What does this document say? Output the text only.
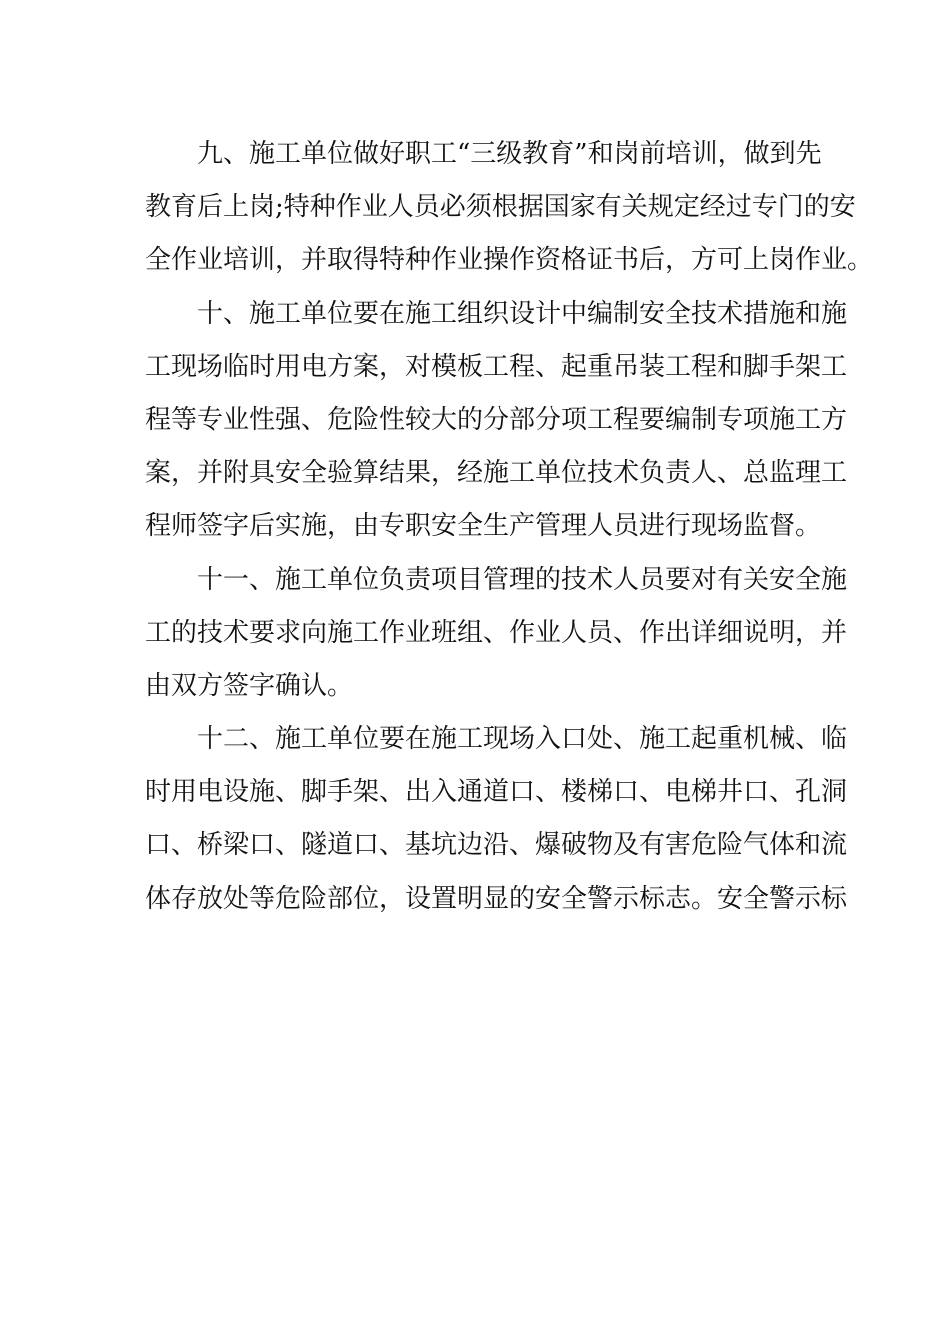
九、施工单位做好职工“三级教育”和岗前培训，做到先
教育后上岗;特种作业人员必须根据国家有关规定经过专门的安
全作业培训，并取得特种作业操作资格证书后，方可上岗作业。
十、施工单位要在施工组织设计中编制安全技术措施和施
工现场临时用电方案，对模板工程、起重吊装工程和脚手架工
程等专业性强、危险性较大的分部分项工程要编制专项施工方
案，并附具安全验算结果，经施工单位技术负责人、总监理工
程师签字后实施，由专职安全生产管理人员进行现场监督。
十一、施工单位负责项目管理的技术人员要对有关安全施
工的技术要求向施工作业班组、作业人员、作出详细说明，并
由双方签字确认。
十二、施工单位要在施工现场入口处、施工起重机械、临
时用电设施、脚手架、出入通道口、楼梯口、电梯井口、孔洞
口、桥梁口、隧道口、基坑边沿、爆破物及有害危险气体和流
体存放处等危险部位，设置明显的安全警示标志。安全警示标
